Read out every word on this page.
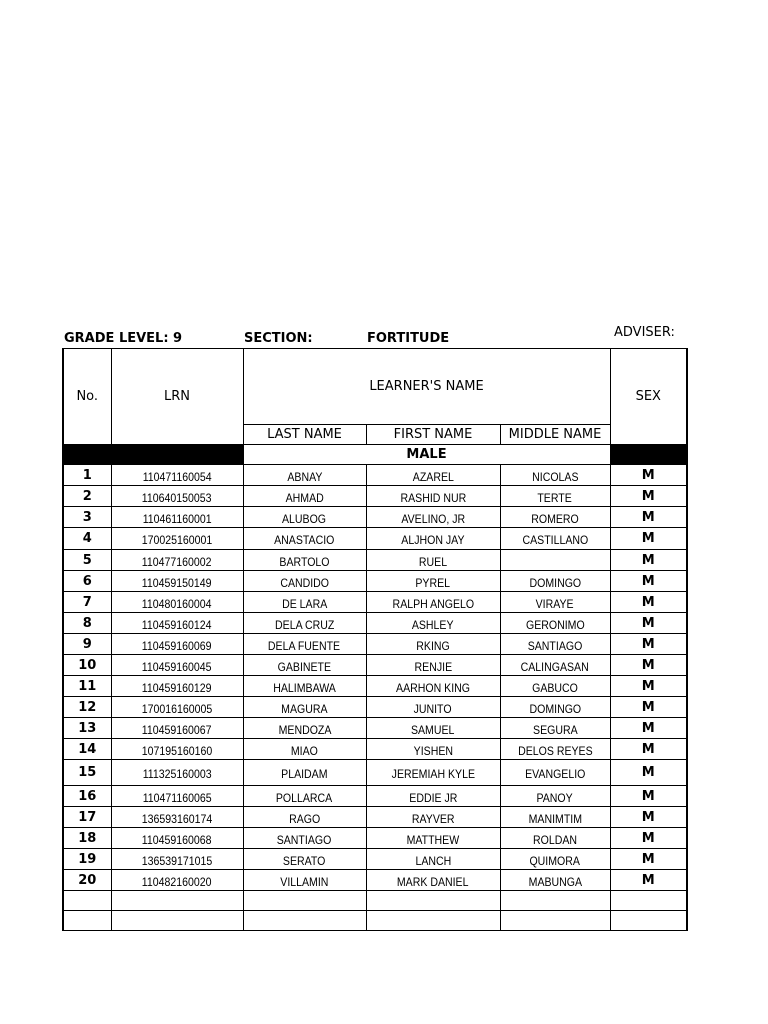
GRADE LEVEL: 9	SECTION:	FORTITUDE	ADVISER:
No.	LRN	LEARNER'S NAME			SEX
		LAST NAME	FIRST NAME	MIDDLE NAME	
		MALE			
1	110471160054	ABNAY	AZAREL	NICOLAS	M
2	110640150053	AHMAD	RASHID NUR	TERTE	M
3	110461160001	ALUBOG	AVELINO, JR	ROMERO	M
4	170025160001	ANASTACIO	ALJHON JAY	CASTILLANO	M
5	110477160002	BARTOLO	RUEL		M
6	110459150149	CANDIDO	PYREL	DOMINGO	M
7	110480160004	DE LARA	RALPH ANGELO	VIRAYE	M
8	110459160124	DELA CRUZ	ASHLEY	GERONIMO	M
9	110459160069	DELA FUENTE	RKING	SANTIAGO	M
10	110459160045	GABINETE	RENJIE	CALINGASAN	M
11	110459160129	HALIMBAWA	AARHON KING	GABUCO	M
12	170016160005	MAGURA	JUNITO	DOMINGO	M
13	110459160067	MENDOZA	SAMUEL	SEGURA	M
14	107195160160	MIAO	YISHEN	DELOS REYES	M
15	111325160003	PLAIDAM	JEREMIAH KYLE	EVANGELIO	M
16	110471160065	POLLARCA	EDDIE JR	PANOY	M
17	136593160174	RAGO	RAYVER	MANIMTIM	M
18	110459160068	SANTIAGO	MATTHEW	ROLDAN	M
19	136539171015	SERATO	LANCH	QUIMORA	M
20	110482160020	VILLAMIN	MARK DANIEL	MABUNGA	M
